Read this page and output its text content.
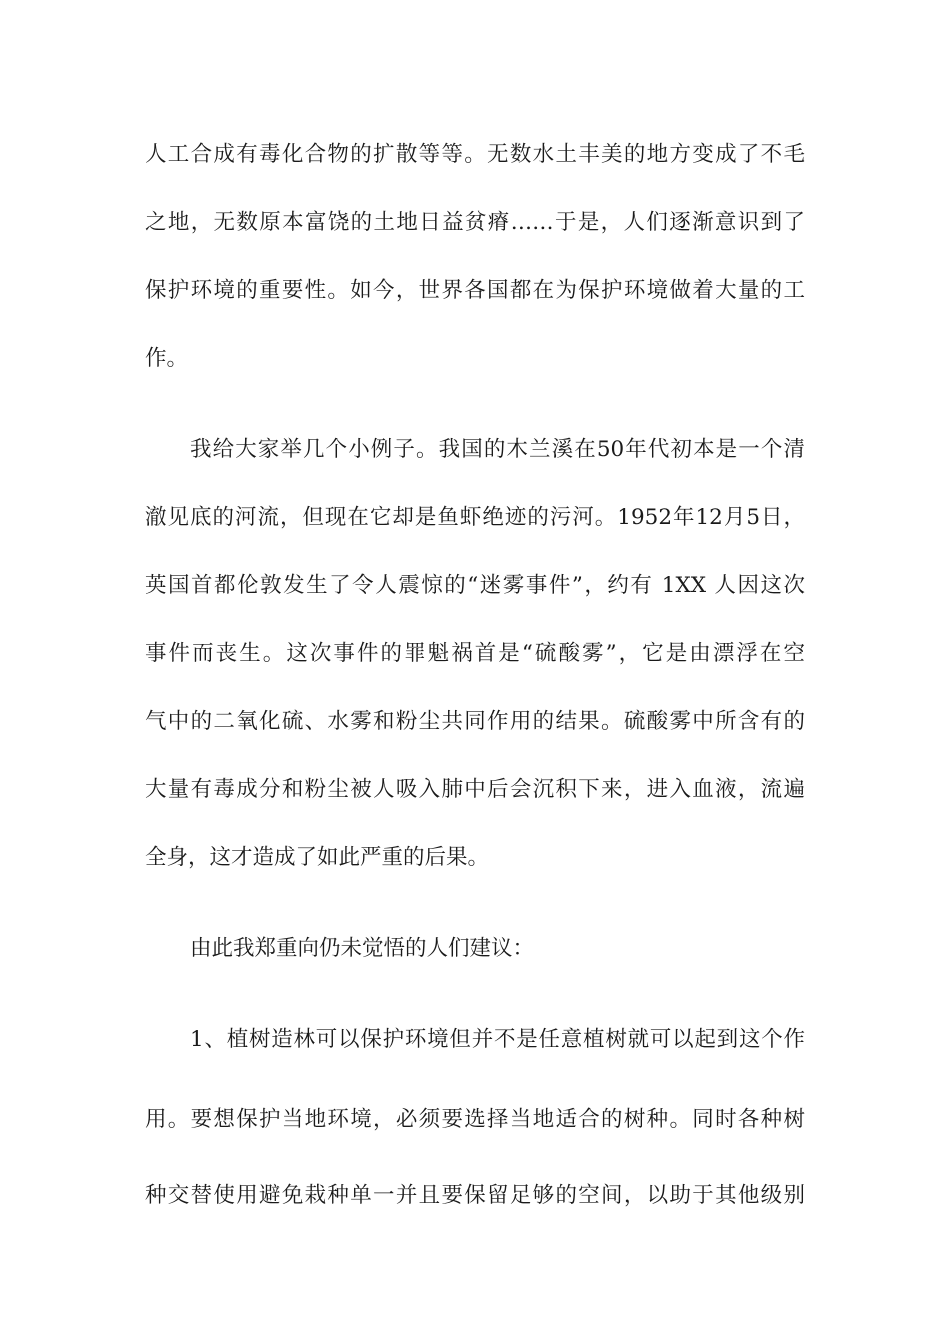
人工合成有毒化合物的扩散等等。无数水土丰美的地方变成了不毛
之地，无数原本富饶的土地日益贫瘠……于是，人们逐渐意识到了
保护环境的重要性。如今，世界各国都在为保护环境做着大量的工
作。
我给大家举几个小例子。我国的木兰溪在50年代初本是一个清
澈见底的河流，但现在它却是鱼虾绝迹的污河。1952年12月5日，
英国首都伦敦发生了令人震惊的“迷雾事件”，约有 1XX 人因这次
事件而丧生。这次事件的罪魁祸首是“硫酸雾”，它是由漂浮在空
气中的二氧化硫、水雾和粉尘共同作用的结果。硫酸雾中所含有的
大量有毒成分和粉尘被人吸入肺中后会沉积下来，进入血液，流遍
全身，这才造成了如此严重的后果。
由此我郑重向仍未觉悟的人们建议：
1、植树造林可以保护环境但并不是任意植树就可以起到这个作
用。要想保护当地环境，必须要选择当地适合的树种。同时各种树
种交替使用避免栽种单一并且要保留足够的空间，以助于其他级别
